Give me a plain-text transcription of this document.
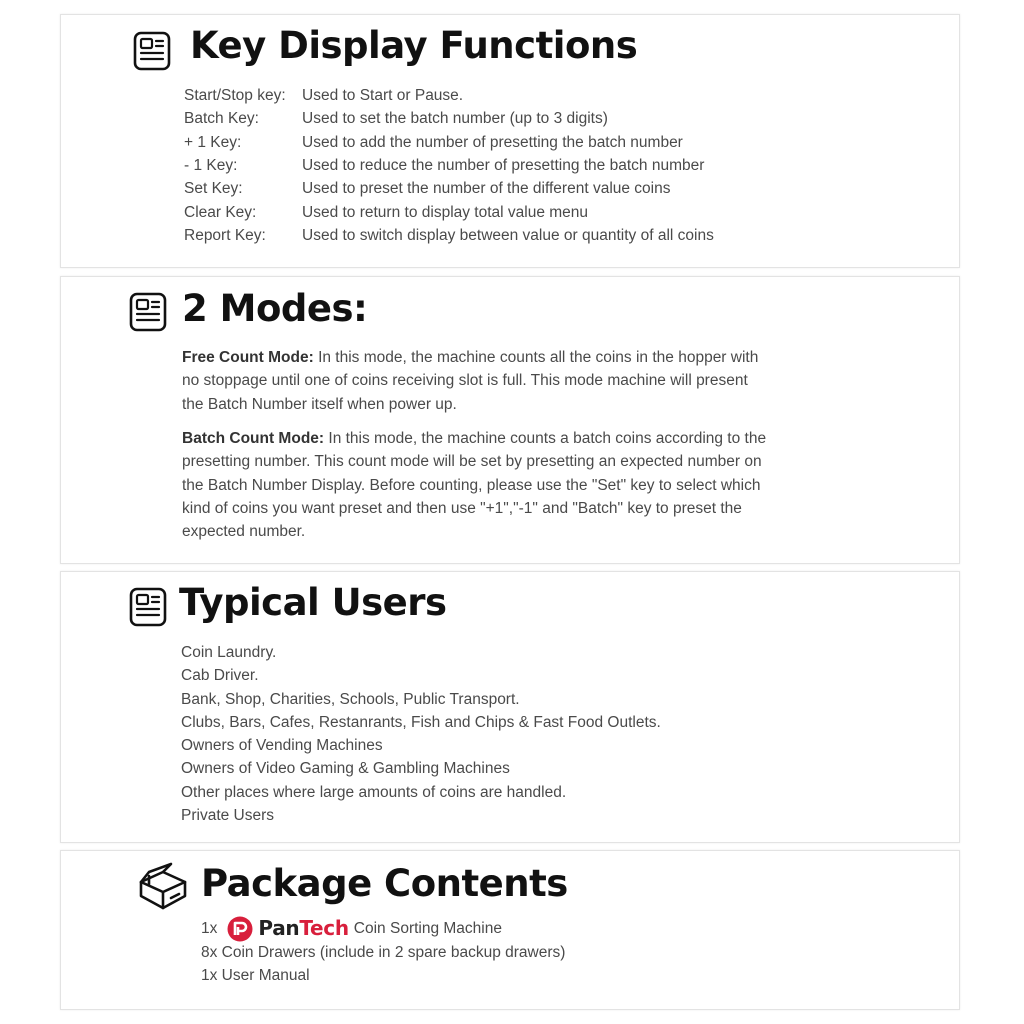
Key Display Functions
Start/Stop key: Used to Start or Pause.
Batch Key:	Used to set the batch number (up to 3 digits)
+ 1 Key:	Used to add the number of presetting the batch number
- 1 Key:	Used to reduce the number of presetting the batch number
Set Key:	Used to preset the number of the different value coins
Clear Key:	Used to return to display total value menu
Report Key: Used to switch display between value or quantity of all coins
2 Modes:
Free Count Mode: In this mode, the machine counts all the coins in the hopper with no stoppage until one of coins receiving slot is full. This mode machine will present the Batch Number itself when power up.
Batch Count Mode: In this mode, the machine counts a batch coins according to the presetting number. This count mode will be set by presetting an expected number on the Batch Number Display. Before counting, please use the "Set" key to select which kind of coins you want preset and then use "+1","-1" and "Batch" key to preset the expected number.
Typical Users
Coin Laundry.
Cab Driver.
Bank, Shop, Charities, Schools, Public Transport.
Clubs, Bars, Cafes, Restanrants, Fish and Chips & Fast Food Outlets.
Owners of Vending Machines
Owners of Video Gaming & Gambling Machines
Other places where large amounts of coins are handled.
Private Users
Package Contents
1x PanTech Coin Sorting Machine
8x Coin Drawers (include in 2 spare backup drawers)
1x User Manual
